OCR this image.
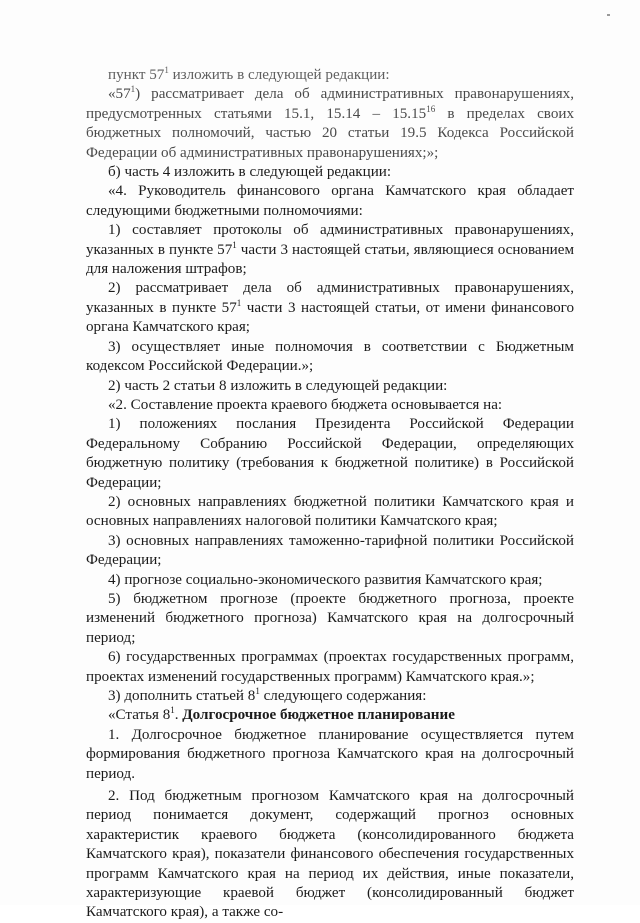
пункт $57^1$ изложить в следующей редакции:

«$57^1$) рассматривает дела об административных правонарушениях, предусмотренных статьями 15.1, 15.14 – 15.15$^{16}$ в пределах своих бюджетных полномочий, частью 20 статьи 19.5 Кодекса Российской Федерации об административных правонарушениях;»;

б) часть 4 изложить в следующей редакции:

«4. Руководитель финансового органа Камчатского края обладает следующими бюджетными полномочиями:

1) составляет протоколы об административных правонарушениях, указанных в пункте $57^1$ части 3 настоящей статьи, являющиеся основанием для наложения штрафов;

2) рассматривает дела об административных правонарушениях, указанных в пункте $57^1$ части 3 настоящей статьи, от имени финансового органа Камчатского края;

3) осуществляет иные полномочия в соответствии с Бюджетным кодексом Российской Федерации.»;

2) часть 2 статьи 8 изложить в следующей редакции:

«2. Составление проекта краевого бюджета основывается на:

1) положениях послания Президента Российской Федерации Федеральному Собранию Российской Федерации, определяющих бюджетную политику (требования к бюджетной политике) в Российской Федерации;

2) основных направлениях бюджетной политики Камчатского края и основных направлениях налоговой политики Камчатского края;

3) основных направлениях таможенно-тарифной политики Российской Федерации;

4) прогнозе социально-экономического развития Камчатского края;

5) бюджетном прогнозе (проекте бюджетного прогноза, проекте изменений бюджетного прогноза) Камчатского края на долгосрочный период;

6) государственных программах (проектах государственных программ, проектах изменений государственных программ) Камчатского края.»;

3) дополнить статьей $8^1$ следующего содержания:

«Статья $8^1$. Долгосрочное бюджетное планирование

1. Долгосрочное бюджетное планирование осуществляется путем формирования бюджетного прогноза Камчатского края на долгосрочный период.

2. Под бюджетным прогнозом Камчатского края на долгосрочный период понимается документ, содержащий прогноз основных характеристик краевого бюджета (консолидированного бюджета Камчатского края), показатели финансового обеспечения государственных программ Камчатского края на период их действия, иные показатели, характеризующие краевой бюджет (консолидированный бюджет Камчатского края), а также со-
